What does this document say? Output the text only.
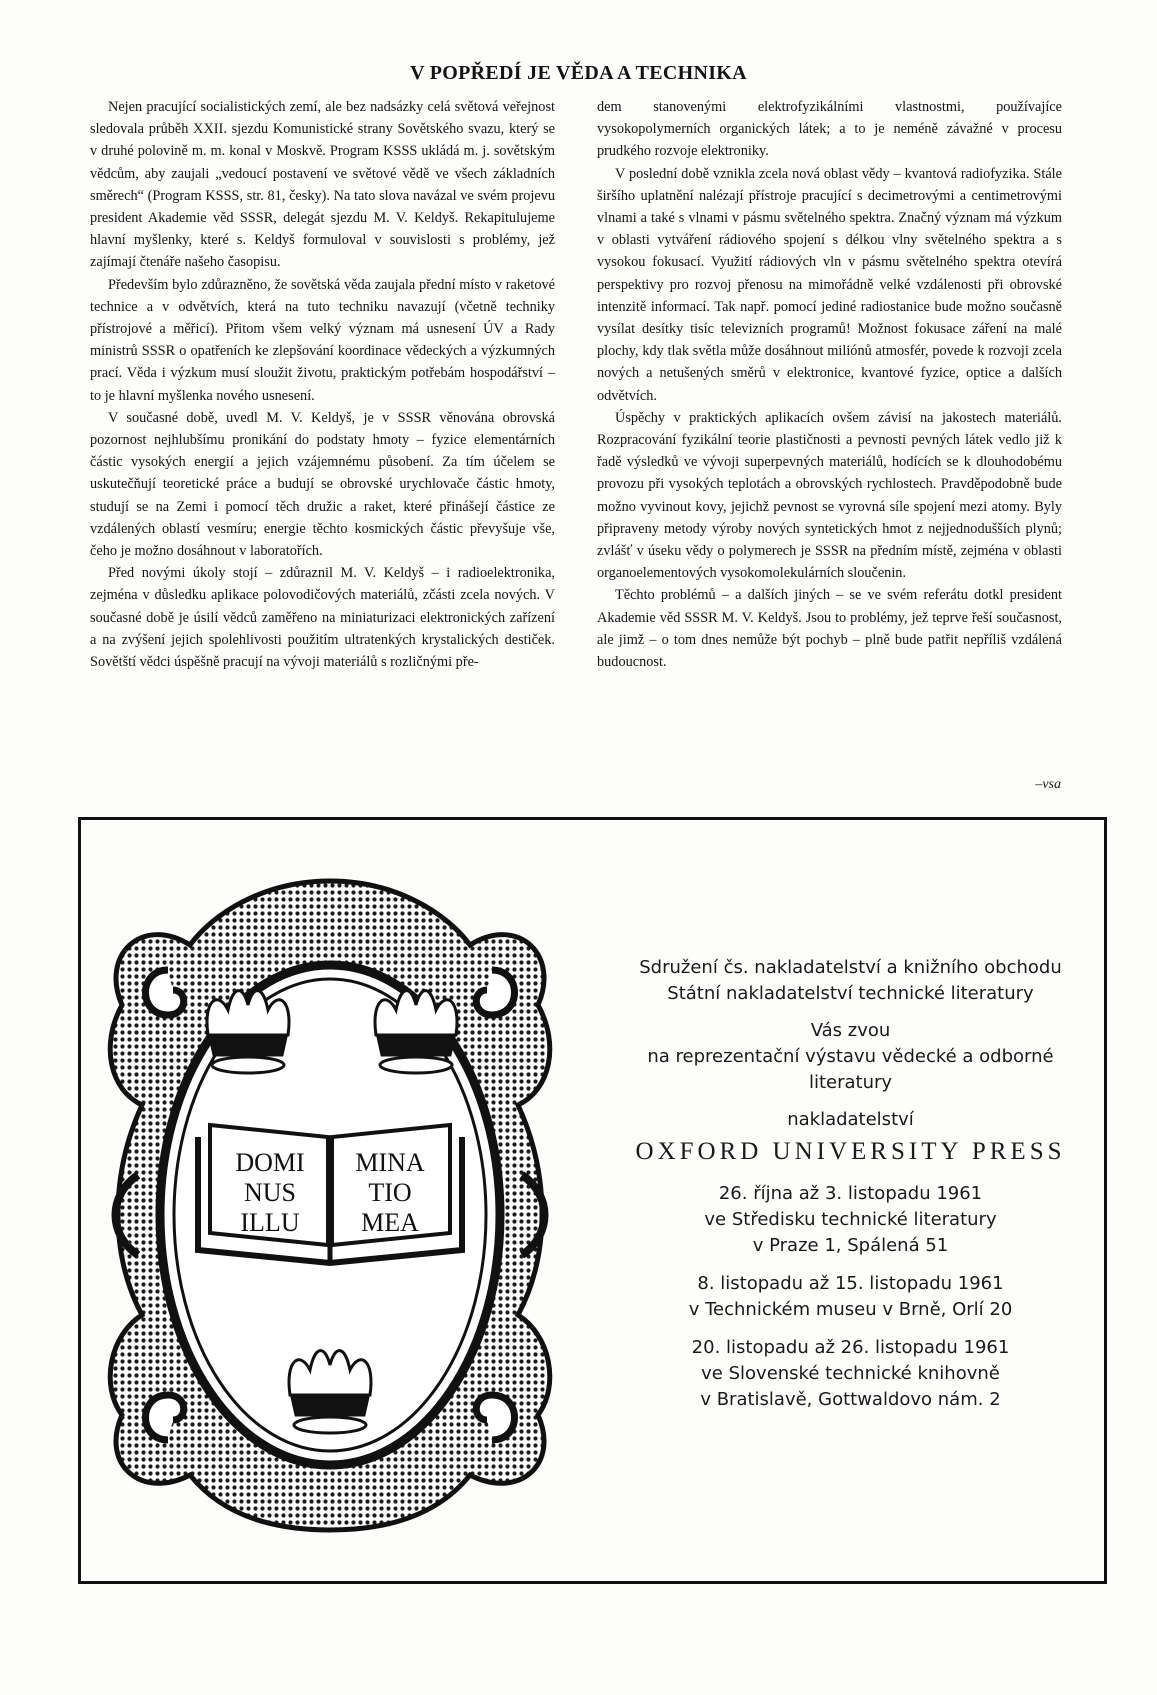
V POPŘEDÍ JE VĚDA A TECHNIKA

Nejen pracující socialistických zemí, ale bez nadsázky celá světová veřejnost sledovala průběh XXII. sjezdu Komunistické strany Sovětského svazu, který se v druhé polovině m. m. konal v Moskvě. Program KSSS ukládá m. j. sovětským vědcům, aby zaujali „vedoucí postavení ve světové vědě ve všech základních směrech“ (Program KSSS, str. 81, česky). Na tato slova navázal ve svém projevu president Akademie věd SSSR, delegát sjezdu M. V. Keldyš. Rekapitulujeme hlavní myšlenky, které s. Keldyš formuloval v souvislosti s problémy, jež zajímají čtenáře našeho časopisu.

Především bylo zdůrazněno, že sovětská věda zaujala přední místo v raketové technice a v odvětvích, která na tuto techniku navazují (včetně techniky přístrojové a měřicí). Přitom všem velký význam má usnesení ÚV a Rady ministrů SSSR o opatřeních ke zlepšování koordinace vědeckých a výzkumných prací. Věda i výzkum musí sloužit životu, praktickým potřebám hospodářství – to je hlavní myšlenka nového usnesení.

V současné době, uvedl M. V. Keldyš, je v SSSR věnována obrovská pozornost nejhlubšímu pronikání do podstaty hmoty – fyzice elementárních částic vysokých energií a jejich vzájemnému působení. Za tím účelem se uskutečňují teoretické práce a budují se obrovské urychlovače částic hmoty, studují se na Zemi i pomocí těch družic a raket, které přinášejí částice ze vzdálených oblastí vesmíru; energie těchto kosmických částic převyšuje vše, čeho je možno dosáhnout v laboratořích.

Před novými úkoly stojí – zdůraznil M. V. Keldyš – i radioelektronika, zejména v důsledku aplikace polovodičových materiálů, zčásti zcela nových. V současné době je úsilí vědců zaměřeno na miniaturizaci elektronických zařízení a na zvýšení jejich spolehlivosti použitím ultratenkých krystalických destiček. Sovětští vědci úspěšně pracují na vývoji materiálů s rozličnými pře-

dem stanovenými elektrofyzikálními vlastnostmi, používajíce vysokopolymerních organických látek; a to je neméně závažné v procesu prudkého rozvoje elektroniky.

V poslední době vznikla zcela nová oblast vědy – kvantová radiofyzika. Stále širšího uplatnění nalézají přístroje pracující s decimetrovými a centimetrovými vlnami a také s vlnami v pásmu světelného spektra. Značný význam má výzkum v oblasti vytváření rádiového spojení s délkou vlny světelného spektra a s vysokou fokusací. Využití rádiových vln v pásmu světelného spektra otevírá perspektivy pro rozvoj přenosu na mimořádně velké vzdálenosti při obrovské intenzitě informací. Tak např. pomocí jediné radiostanice bude možno současně vysílat desítky tisíc televizních programů! Možnost fokusace záření na malé plochy, kdy tlak světla může dosáhnout miliónů atmosfér, povede k rozvoji zcela nových a netušených směrů v elektronice, kvantové fyzice, optice a dalších odvětvích.

Úspěchy v praktických aplikacích ovšem závisí na jakostech materiálů. Rozpracování fyzikální teorie plastičnosti a pevnosti pevných látek vedlo již k řadě výsledků ve vývoji superpevných materiálů, hodících se k dlouhodobému provozu při vysokých teplotách a obrovských rychlostech. Pravděpodobně bude možno vyvinout kovy, jejichž pevnost se vyrovná síle spojení mezi atomy. Byly připraveny metody výroby nových syntetických hmot z nejjednodušších plynů; zvlášť v úseku vědy o polymerech je SSSR na předním místě, zejména v oblasti organoelementových vysokomolekulárních sloučenin.

Těchto problémů – a dalších jiných – se ve svém referátu dotkl president Akademie věd SSSR M. V. Keldyš. Jsou to problémy, jež teprve řeší současnost, ale jimž – o tom dnes nemůže být pochyb – plně bude patřit nepříliš vzdálená budoucnost.

–vsa
DOMI
NUS
ILLU
MINA
TIO
MEA
Sdružení čs. nakladatelství a knižního obchodu
Státní nakladatelství technické literatury
Vás zvou
na reprezentační výstavu vědecké a odborné
literatury
nakladatelství
OXFORD UNIVERSITY PRESS
26. října až 3. listopadu 1961
ve Středisku technické literatury
v Praze 1, Spálená 51
8. listopadu až 15. listopadu 1961
v Technickém museu v Brně, Orlí 20
20. listopadu až 26. listopadu 1961
ve Slovenské technické knihovně
v Bratislavě, Gottwaldovo nám. 2
